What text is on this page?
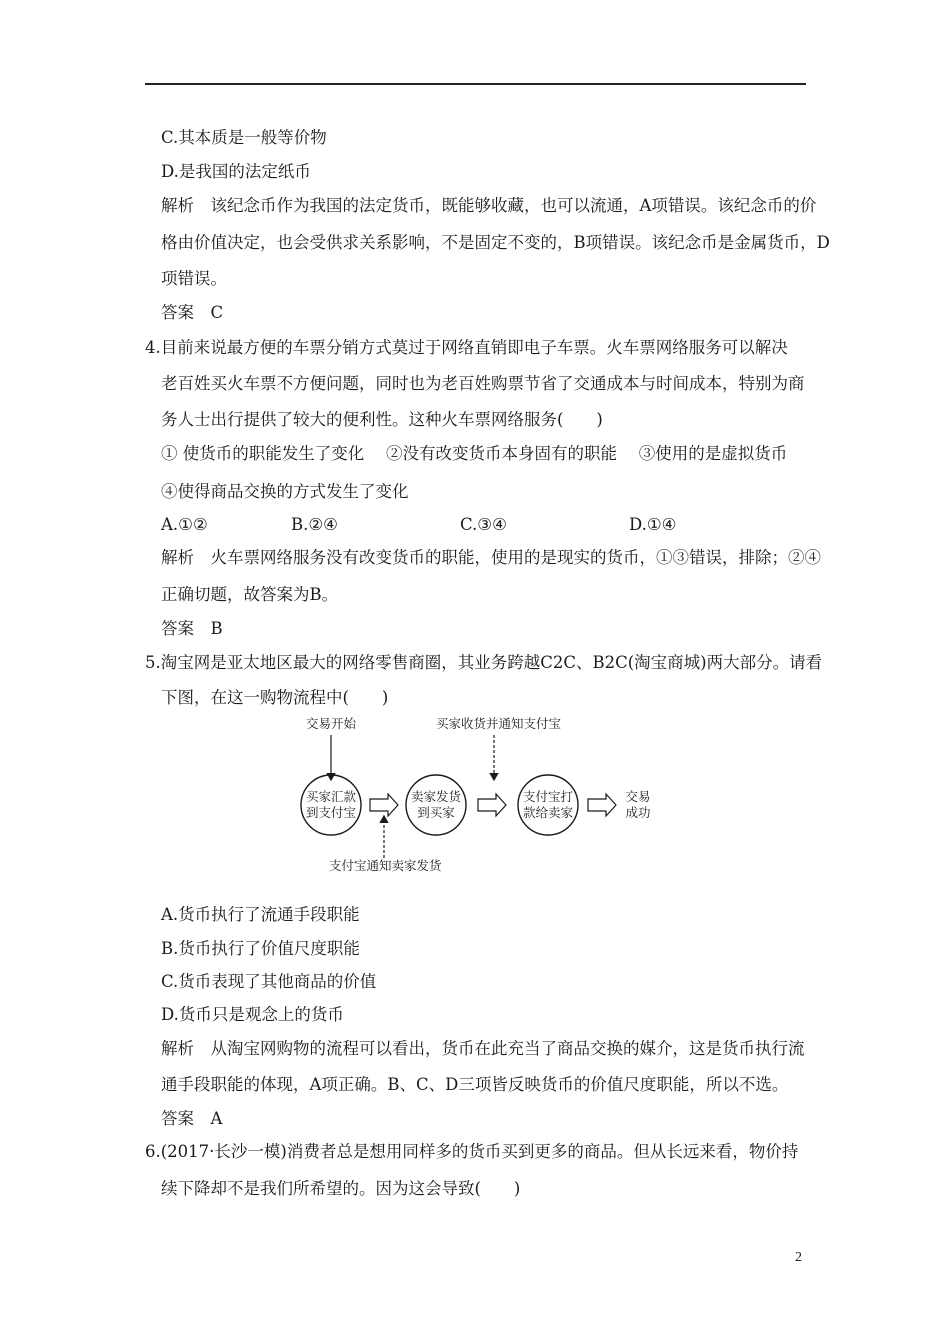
C.其本质是一般等价物
D.是我国的法定纸币
解析　该纪念币作为我国的法定货币，既能够收藏，也可以流通，A项错误。该纪念币的价
格由价值决定，也会受供求关系影响，不是固定不变的，B项错误。该纪念币是金属货币，D
项错误。
答案　C
4.目前来说最方便的车票分销方式莫过于网络直销即电子车票。火车票网络服务可以解决
老百姓买火车票不方便问题，同时也为老百姓购票节省了交通成本与时间成本，特别为商
务人士出行提供了较大的便利性。这种火车票网络服务(　　)
① 使货币的职能发生了变化　 ②没有改变货币本身固有的职能　 ③使用的是虚拟货币
④使得商品交换的方式发生了变化
A.①②	B.②④	C.③④	D.①④
解析　火车票网络服务没有改变货币的职能，使用的是现实的货币，①③错误，排除；②④
正确切题，故答案为B。
答案　B
5.淘宝网是亚太地区最大的网络零售商圈，其业务跨越C2C、B2C(淘宝商城)两大部分。请看
下图，在这一购物流程中(　　)
交易开始	买家收货并通知支付宝
买家汇款
到支付宝
卖家发货
到买家
支付宝打
款给卖家
交易
成功
支付宝通知卖家发货
A.货币执行了流通手段职能
B.货币执行了价值尺度职能
C.货币表现了其他商品的价值
D.货币只是观念上的货币
解析　从淘宝网购物的流程可以看出，货币在此充当了商品交换的媒介，这是货币执行流
通手段职能的体现，A项正确。B、C、D三项皆反映货币的价值尺度职能，所以不选。
答案　A
6.(2017·长沙一模)消费者总是想用同样多的货币买到更多的商品。但从长远来看，物价持
续下降却不是我们所希望的。因为这会导致(　　)
2
